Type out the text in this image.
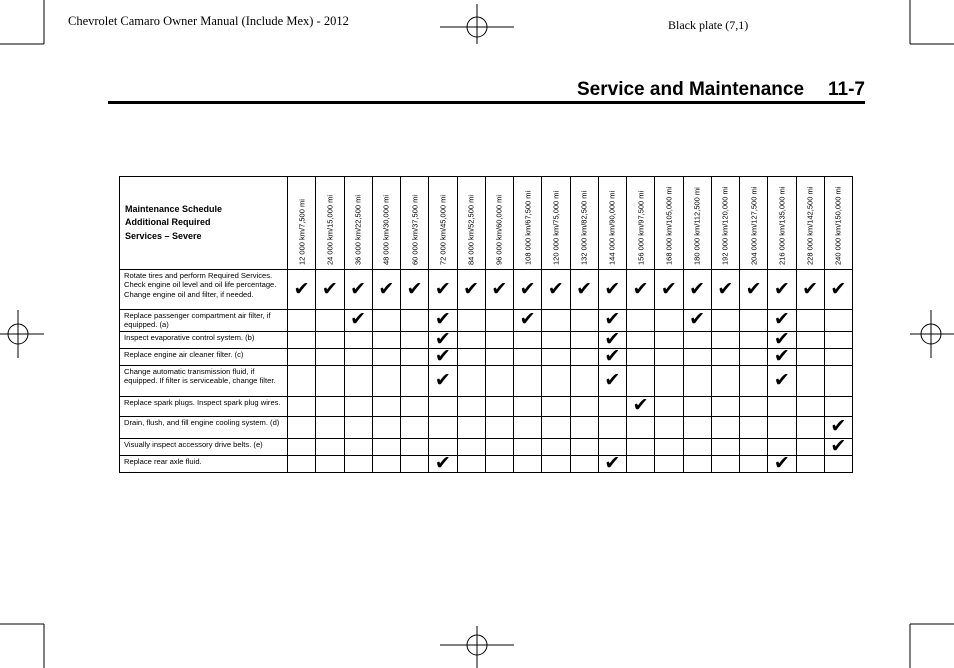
Chevrolet Camaro Owner Manual (Include Mex) - 2012	Black plate (7,1)
Service and Maintenance 11-7
Maintenance Schedule
Additional Required
Services – Severe	12 000 km/7,500 mi	24 000 km/15,000 mi	36 000 km/22,500 mi	48 000 km/30,000 mi	60 000 km/37,500 mi	72 000 km/45,000 mi	84 000 km/52,500 mi	96 000 km/60,000 mi	108 000 km/67,500 mi	120 000 km/75,000 mi	132 000 km/82,500 mi	144 000 km/90,000 mi	156 000 km/97,500 mi	168 000 km/105,000 mi	180 000 km/112,500 mi	192 000 km/120,000 mi	204 000 km/127,500 mi	216 000 km/135,000 mi	228 000 km/142,500 mi	240 000 km/150,000 mi

Rotate tires and perform Required Services. Check engine oil level and oil life percentage. Change engine oil and filter, if needed.	✔	✔	✔	✔	✔	✔	✔	✔	✔	✔	✔	✔	✔	✔	✔	✔	✔	✔	✔	✔
Replace passenger compartment air filter, if equipped. (a)			✔			✔			✔			✔			✔			✔		
Inspect evaporative control system. (b)						✔						✔						✔		
Replace engine air cleaner filter. (c)						✔						✔						✔		
Change automatic transmission fluid, if equipped. If filter is serviceable, change filter.						✔						✔						✔		
Replace spark plugs. Inspect spark plug wires.													✔							
Drain, flush, and fill engine cooling system. (d)																				✔
Visually inspect accessory drive belts. (e)																				✔
Replace rear axle fluid.						✔						✔						✔		
